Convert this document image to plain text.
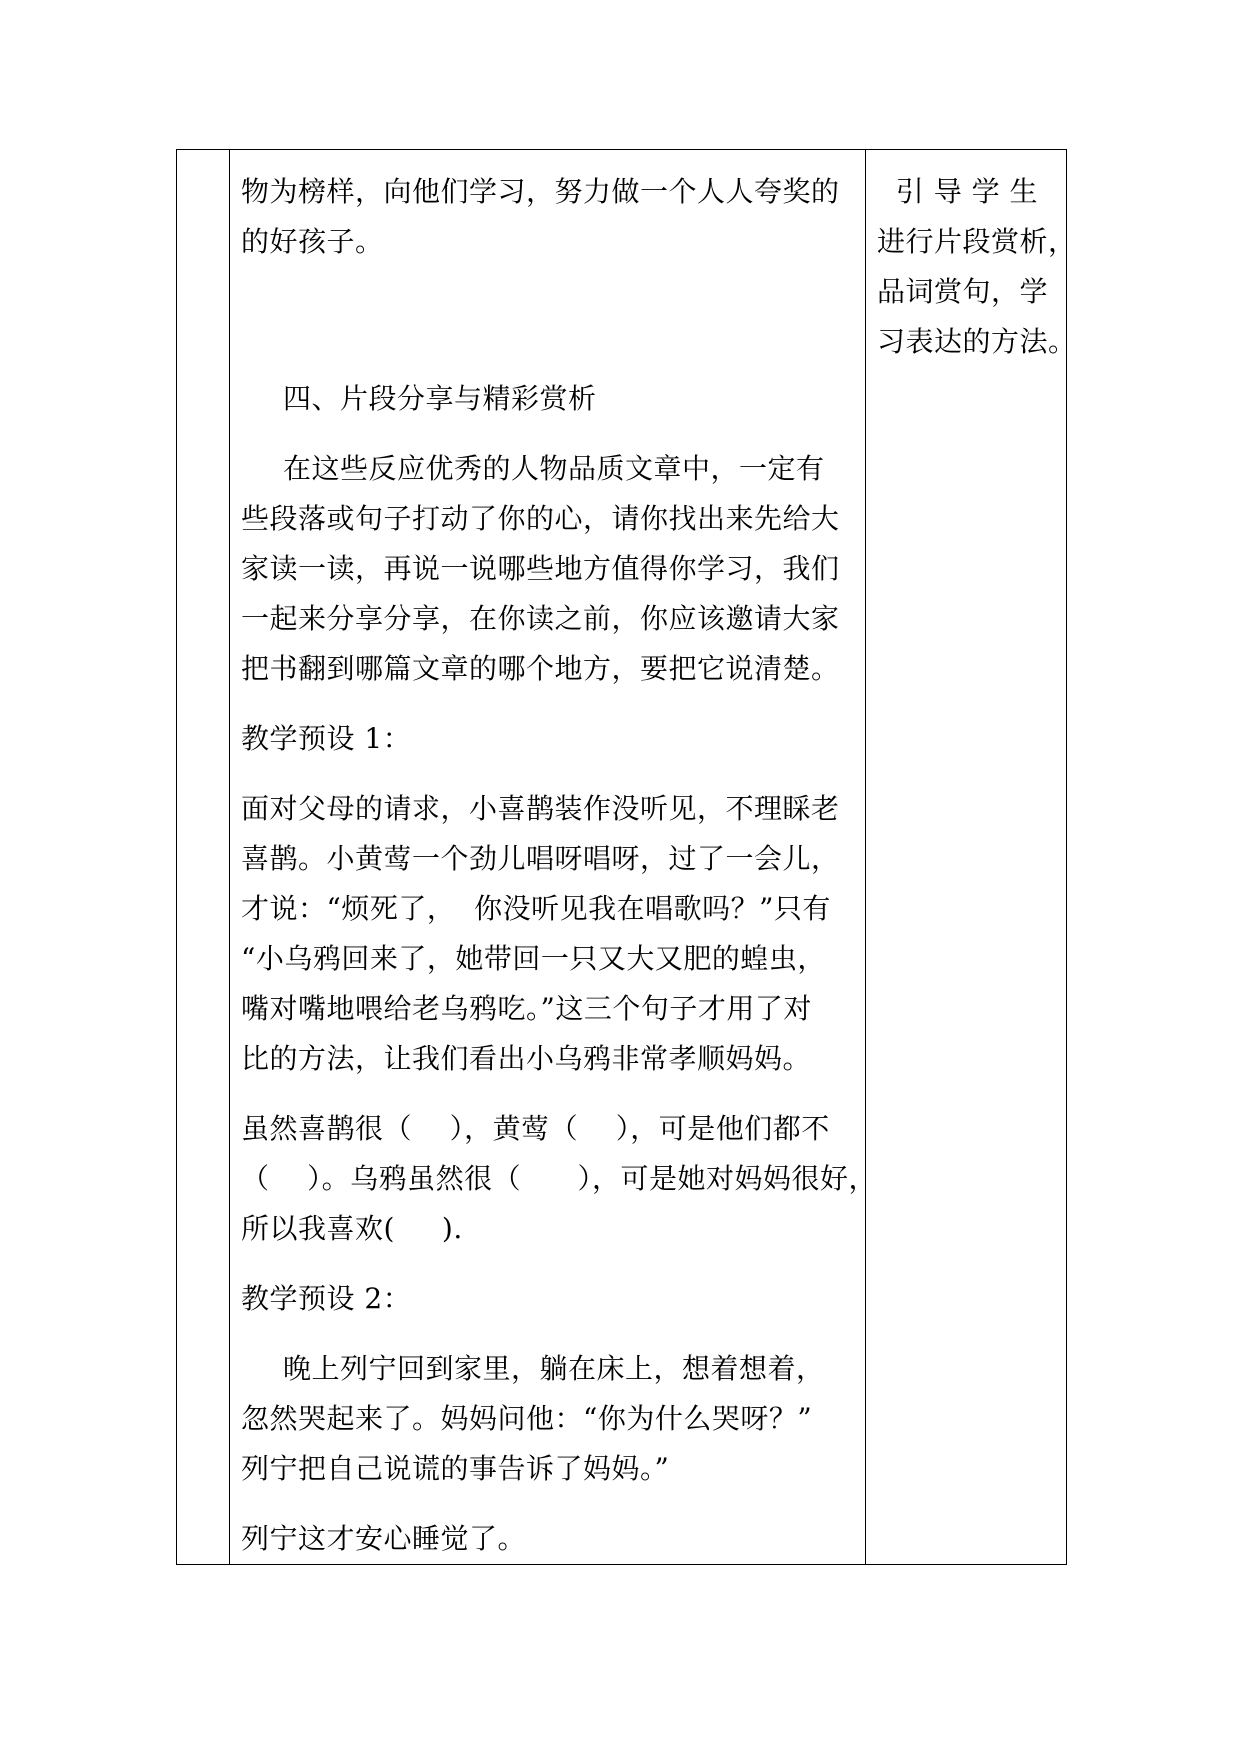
物为榜样，向他们学习，努力做一个人人夸奖的
的好孩子。
四、片段分享与精彩赏析
在这些反应优秀的人物品质文章中，一定有
些段落或句子打动了你的心，请你找出来先给大
家读一读，再说一说哪些地方值得你学习，我们
一起来分享分享，在你读之前，你应该邀请大家
把书翻到哪篇文章的哪个地方，要把它说清楚。
教学预设 1：
面对父母的请求，小喜鹊装作没听见，不理睬老
喜鹊。小黄莺一个劲儿唱呀唱呀，过了一会儿，
才说：“烦死了，  你没听见我在唱歌吗？”只有
“小乌鸦回来了，她带回一只又大又肥的蝗虫，
嘴对嘴地喂给老乌鸦吃。”这三个句子才用了对
比的方法，让我们看出小乌鸦非常孝顺妈妈。
虽然喜鹊很（    ），黄莺（    ），可是他们都不
（    ）。乌鸦虽然很（      ），可是她对妈妈很好，
所以我喜欢(     ).
教学预设 2：
晚上列宁回到家里，躺在床上，想着想着，
忽然哭起来了。妈妈问他：“你为什么哭呀？”
列宁把自己说谎的事告诉了妈妈。”
列宁这才安心睡觉了。
引 导 学 生
进行片段赏析，
品词赏句，学
习表达的方法。
